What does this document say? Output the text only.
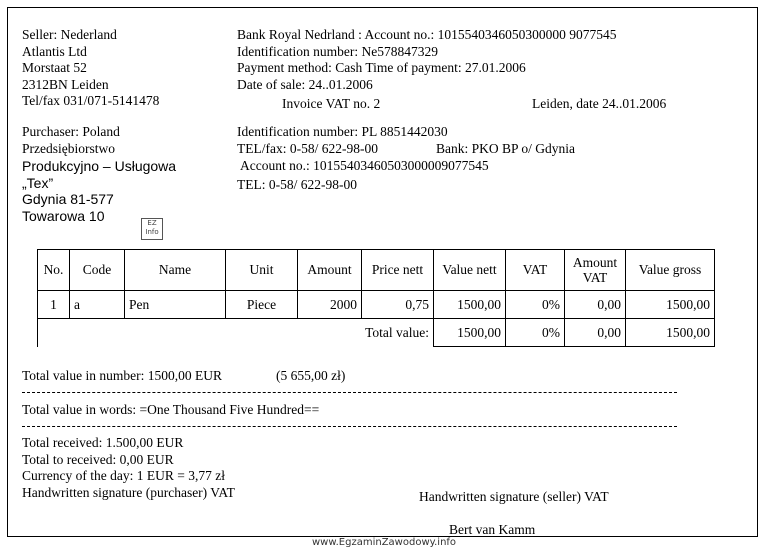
Seller: Nederland
Atlantis Ltd
Morstaat 52
2312BN Leiden
Tel/fax 031/071-5141478
Bank Royal Nedrland : Account no.: 1015540346050300000 9077545
Identification number: Ne578847329
Payment method: Cash Time of payment: 27.01.2006
Date of sale: 24..01.2006
Invoice VAT no. 2	Leiden, date 24..01.2006
Purchaser: Poland
Przedsiębiorstwo
Produkcyjno – Usługowa
„Tex”
Gdynia 81-577
Towarowa 10	EZ
Info
Identification number: PL 8851442030
TEL/fax: 0-58/ 622-98-00	Bank: PKO BP o/ Gdynia
Account no.: 10155403460503000009077545
TEL: 0-58/ 622-98-00
No.	Code	Name	Unit	Amount	Price nett	Value nett	VAT	Amount
VAT	Value gross
1	a	Pen	Piece	2000	0,75	1500,00	0%	0,00	1500,00
Total value:						1500,00	0%	0,00	1500,00
Total value in number: 1500,00 EUR	(5 655,00 zł)
Total value in words: =One Thousand Five Hundred==
Total received: 1.500,00 EUR
Total to received: 0,00 EUR
Currency of the day: 1 EUR = 3,77 zł
Handwritten signature (purchaser) VAT	Handwritten signature (seller) VAT
Bert van Kamm
www.EgzaminZawodowy.info
